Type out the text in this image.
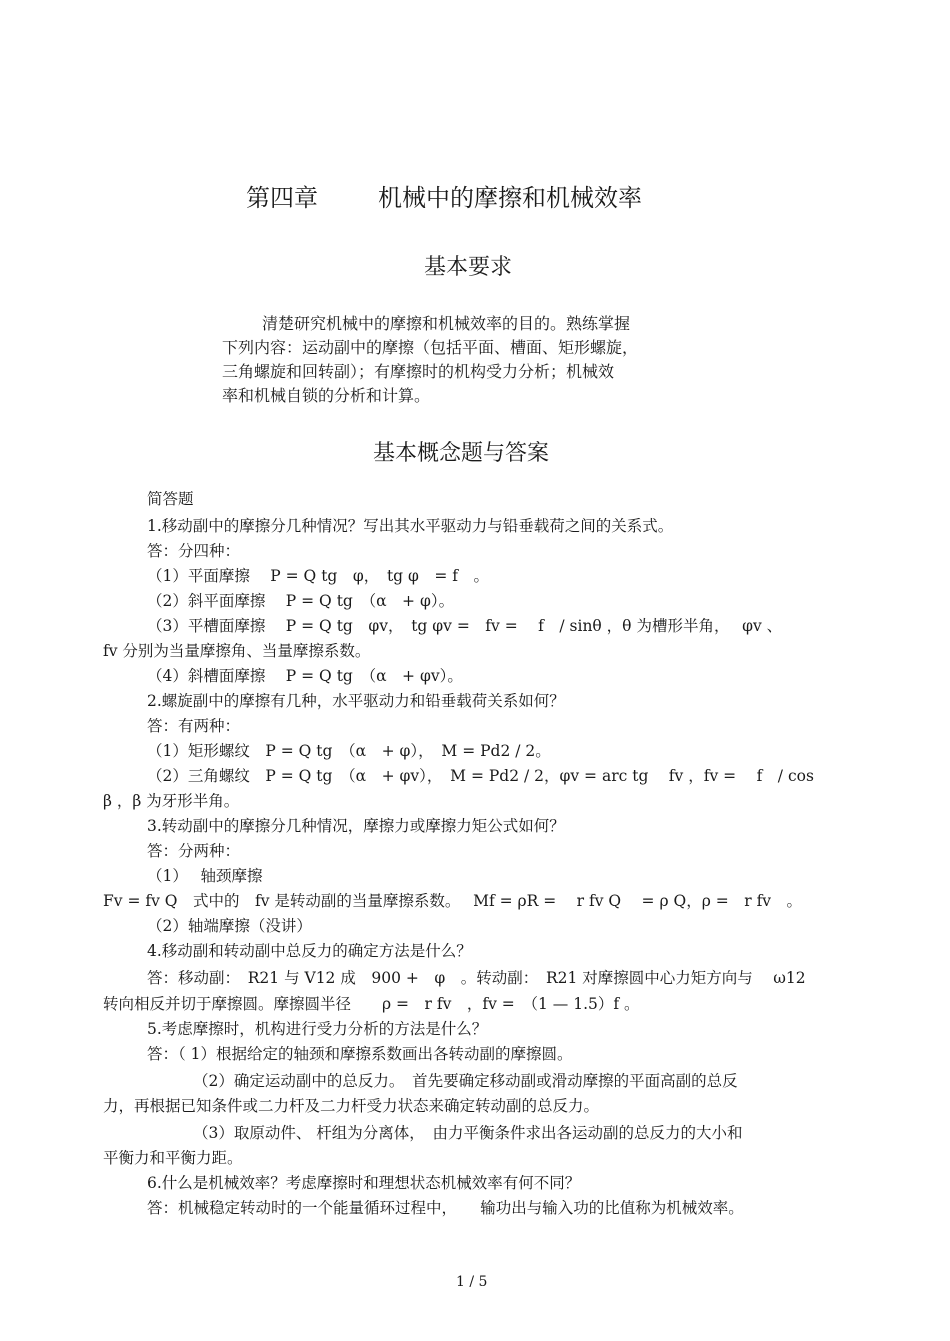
第四章	机械中的摩擦和机械效率
基本要求
清楚研究机械中的摩擦和机械效率的目的。熟练掌握
下列内容：运动副中的摩擦（包括平面、槽面、矩形螺旋，
三角螺旋和回转副）；有摩擦时的机构受力分析；机械效
率和机械自锁的分析和计算。
基本概念题与答案
简答题
1.移动副中的摩擦分几种情况？写出其水平驱动力与铅垂载荷之间的关系式。
答：分四种：
（1）平面摩擦　 P = Q tg　φ，　tg φ　= f　。
（2）斜平面摩擦　 P = Q tg　（α　+ φ）。
（3）平槽面摩擦　 P = Q tg　φv，　tg φv =　fv =　 f　/ sinθ ，θ 为槽形半角，　 φv 、
fv 分别为当量摩擦角、当量摩擦系数。
（4）斜槽面摩擦　 P = Q tg　（α　+ φv）。
2.螺旋副中的摩擦有几种，水平驱动力和铅垂载荷关系如何？
答：有两种：
（1）矩形螺纹　P = Q tg　（α　+ φ），　M = Pd2 / 2。
（2）三角螺纹　P = Q tg　（α　+ φv），　M = Pd2 / 2，φv = arc tg　 fv ，fv =　 f　/ cos
β ，β 为牙形半角。
3.转动副中的摩擦分几种情况，摩擦力或摩擦力矩公式如何？
答：分两种：
（1）　 轴颈摩擦
Fv = fv Q　式中的　fv 是转动副的当量摩擦系数。　 Mf = ρR =　 r fv Q　 = ρ Q，ρ =　r fv　。
（2）轴端摩擦（没讲）
4.移动副和转动副中总反力的确定方法是什么？
答：移动副：　R21 与 V12 成　900 +　φ　。转动副：　R21 对摩擦圆中心力矩方向与　 ω12
转向相反并切于摩擦圆。摩擦圆半径　　ρ =　r fv　，fv =　（1 — 1.5）f 。
5.考虑摩擦时，机构进行受力分析的方法是什么？
答：（ 1）根据给定的轴颈和摩擦系数画出各转动副的摩擦圆。
（2）确定运动副中的总反力。　首先要确定移动副或滑动摩擦的平面高副的总反
力，再根据已知条件或二力杆及二力杆受力状态来确定转动副的总反力。
（3）取原动件、 杆组为分离体，　由力平衡条件求出各运动副的总反力的大小和
平衡力和平衡力距。
6.什么是机械效率？考虑摩擦时和理想状态机械效率有何不同？
答：机械稳定转动时的一个能量循环过程中，　　输功出与输入功的比值称为机械效率。
1 / 5
